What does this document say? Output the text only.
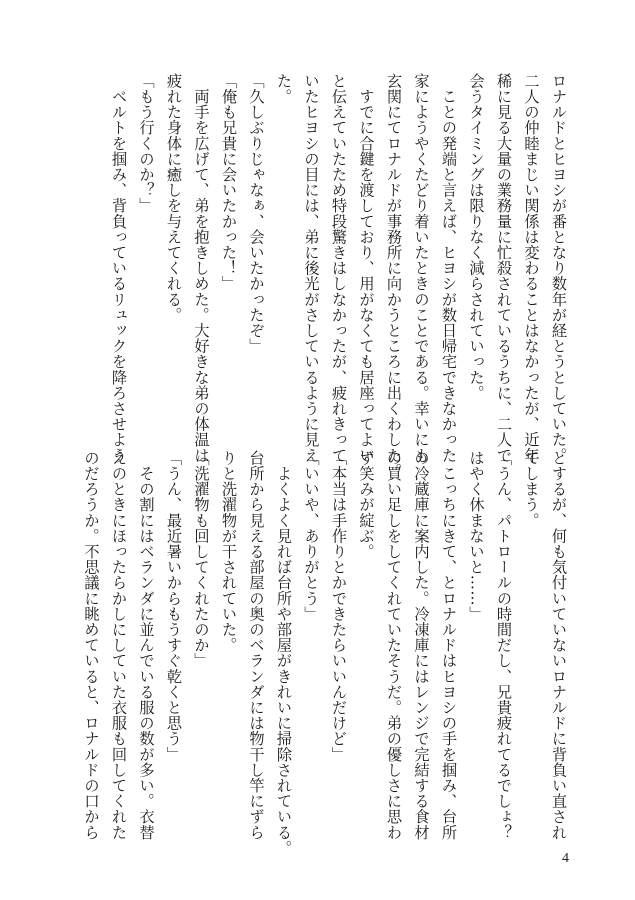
ロナルドとヒヨシが番となり数年が経とうとしていた。
二人の仲睦まじい関係は変わることはなかったが、近年
稀に見る大量の業務量に忙殺されているうちに、二人で
会うタイミングは限りなく減らされていった。
　ことの発端と言えば、ヒヨシが数日帰宅できなかった
家にようやくたどり着いたときのことである。幸いにも
玄関にてロナルドが事務所に向かうところに出くわした。
　すでに合鍵を渡しており、用がなくても居座ってよい
と伝えていたため特段驚きはしなかったが、疲れきって
いたヒヨシの目には、弟に後光がさしているように見え
た。
「久しぶりじゃなぁ、会いたかったぞ」
「俺も兄貴に会いたかった！」
　両手を広げて、弟を抱きしめた。大好きな弟の体温は
疲れた身体に癒しを与えてくれる。
「もう行くのか？」
　ベルトを掴み、背負っているリュックを降ろさせよう
とするが、何も気付いていないロナルドに背負い直され
てしまう。
「うん、パトロールの時間だし、兄貴疲れてるでしょ？
はやく休まないと……」
　こっちにきて、とロナルドはヒヨシの手を掴み、台所
の冷蔵庫に案内した。冷凍庫にはレンジで完結する食材
の買い足しをしてくれていたそうだ。弟の優しさに思わ
ず笑みが綻ぶ。
「本当は手作りとかできたらいいんだけど」
「いいや、ありがとう」
　よくよく見れば台所や部屋がきれいに掃除されている。
台所から見える部屋の奥のベランダには物干し竿にずら
りと洗濯物が干されていた。
「洗濯物も回してくれたのか」
「うん、最近暑いからもうすぐ乾くと思う」
　その割にはベランダに並んでいる服の数が多い。衣替
えのときにほったらかしにしていた衣服も回してくれた
のだろうか。不思議に眺めていると、ロナルドの口から
4
